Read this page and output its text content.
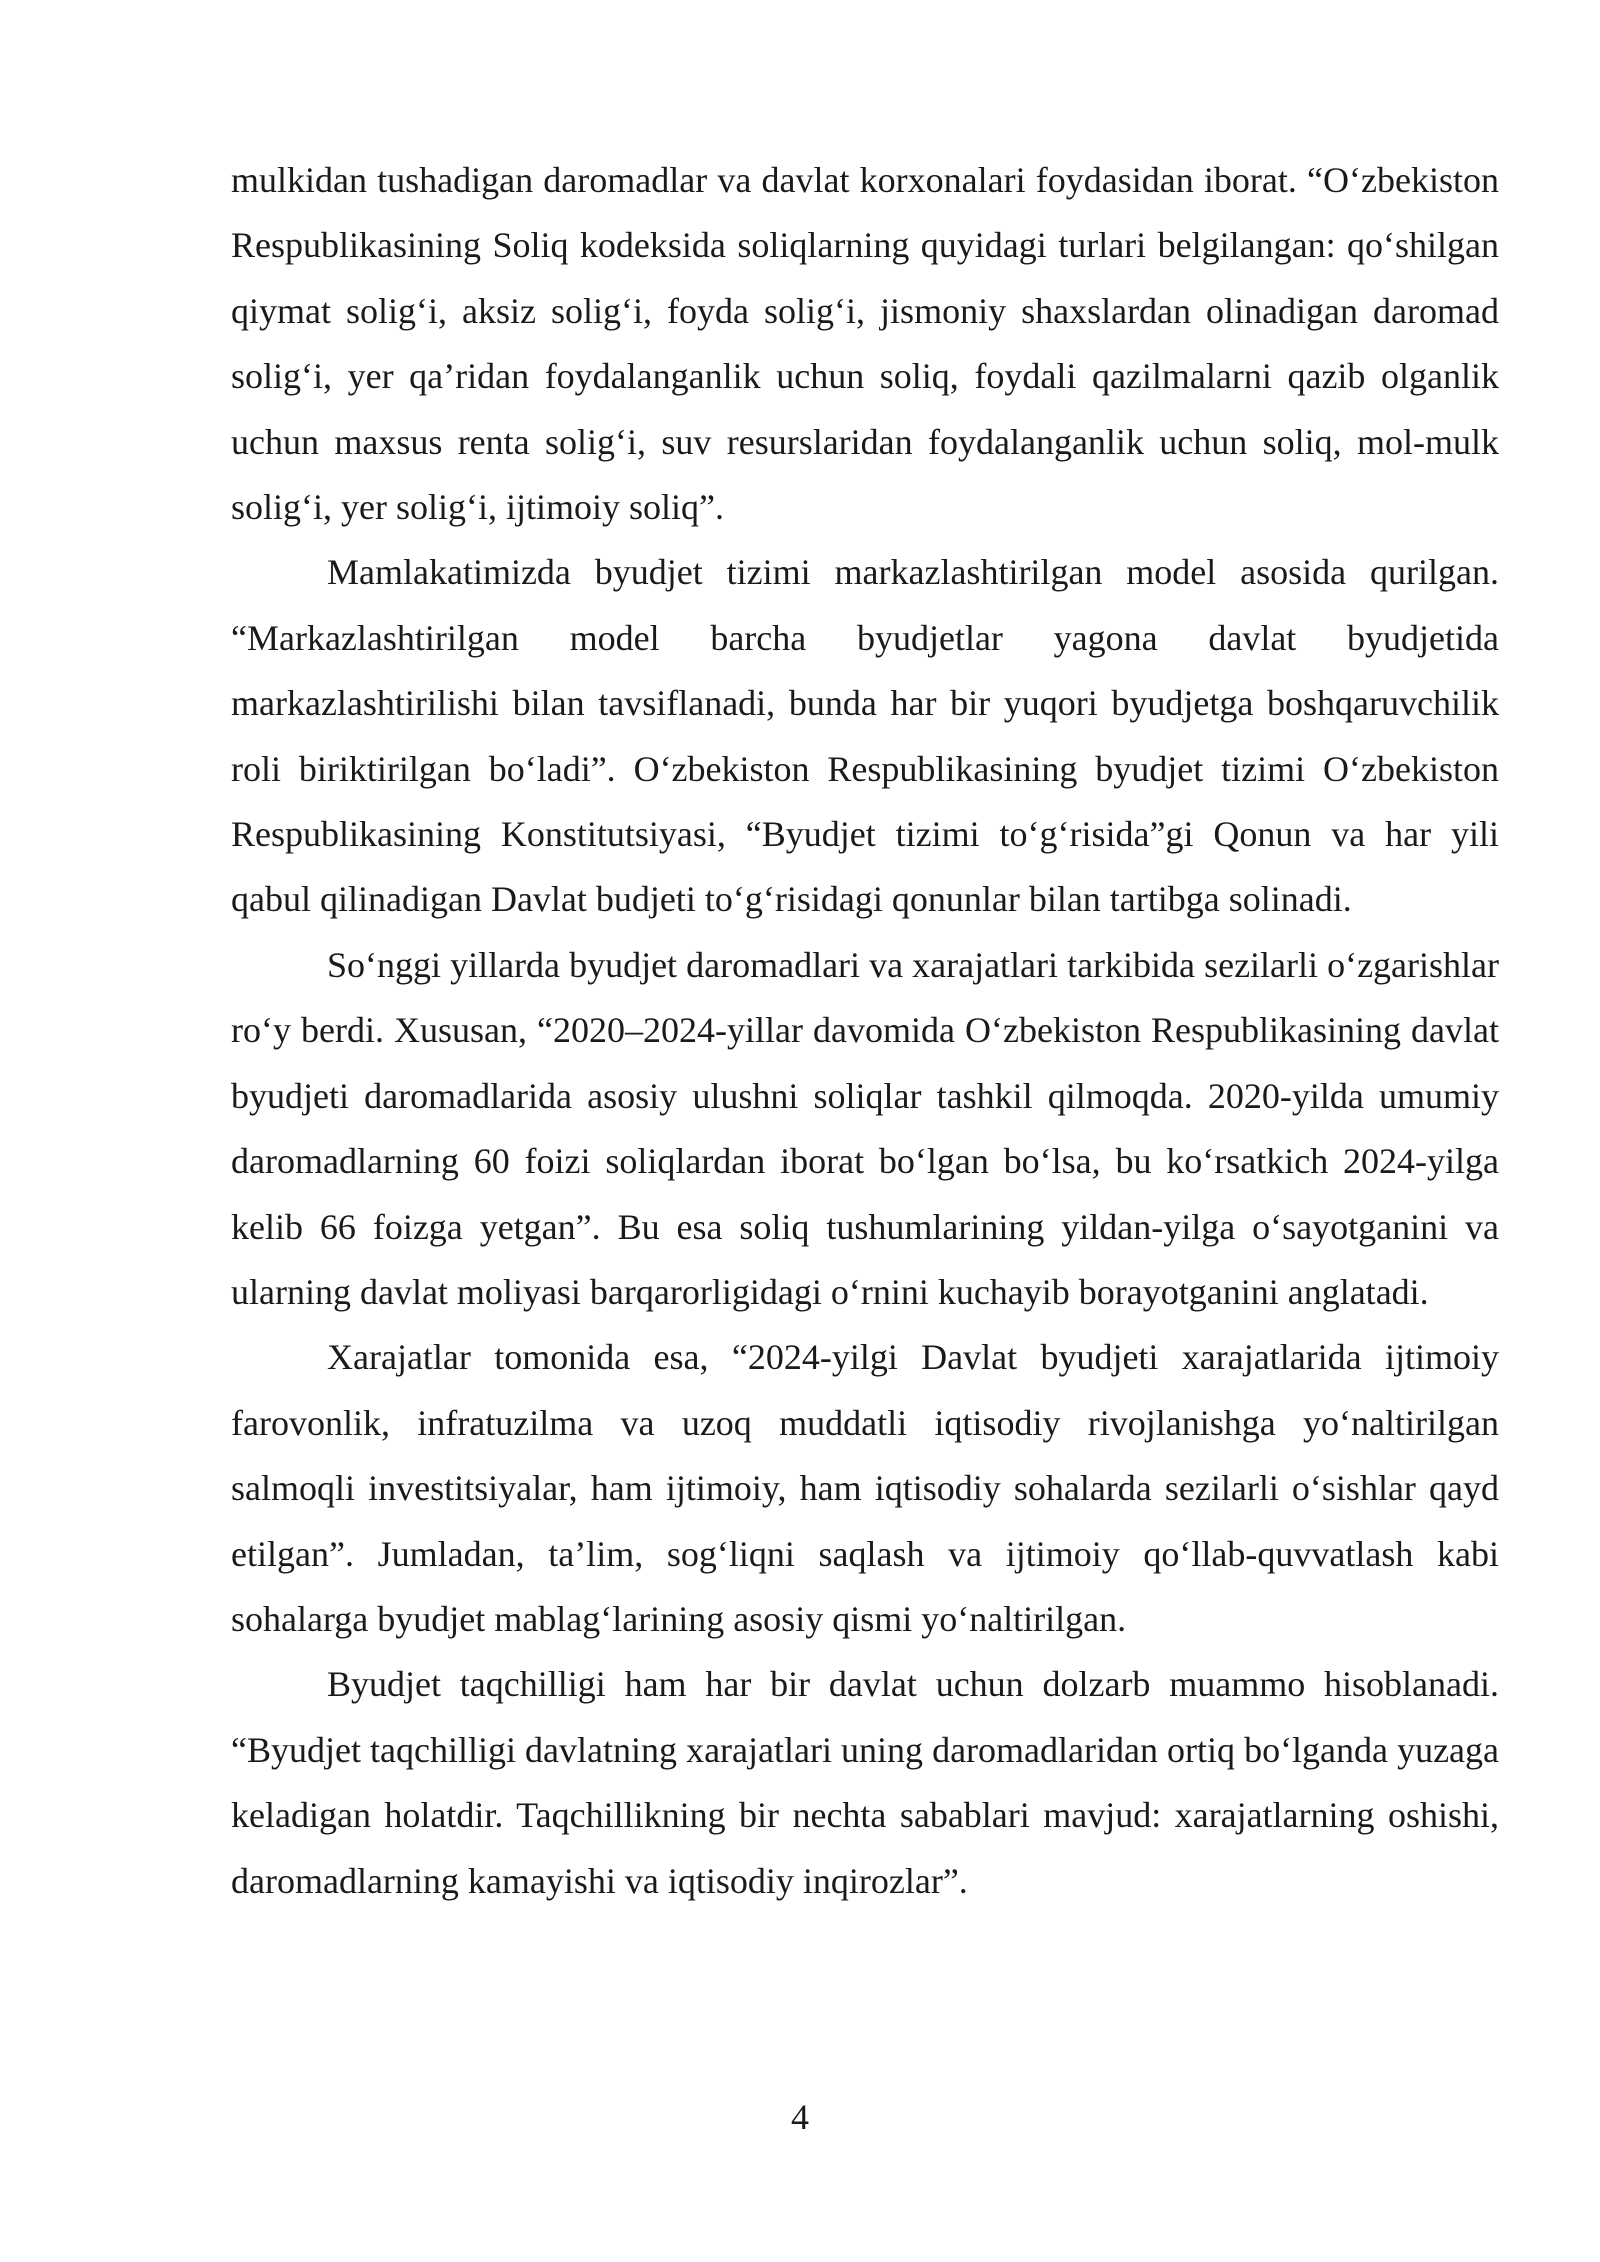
mulkidan tushadigan daromadlar va davlat korxonalari foydasidan iborat. “O‘zbekiston Respublikasining Soliq kodeksida soliqlarning quyidagi turlari belgilangan: qo‘shilgan qiymat solig‘i, aksiz solig‘i, foyda solig‘i, jismoniy shaxslardan olinadigan daromad solig‘i, yer qa’ridan foydalanganlik uchun soliq, foydali qazilmalarni qazib olganlik uchun maxsus renta solig‘i, suv resurslaridan foydalanganlik uchun soliq, mol-mulk solig‘i, yer solig‘i, ijtimoiy soliq”.

Mamlakatimizda byudjet tizimi markazlashtirilgan model asosida qurilgan. “Markazlashtirilgan model barcha byudjetlar yagona davlat byudjetida markazlashtirilishi bilan tavsiflanadi, bunda har bir yuqori byudjetga boshqaruvchilik roli biriktirilgan bo‘ladi”. O‘zbekiston Respublikasining byudjet tizimi O‘zbekiston Respublikasining Konstitutsiyasi, “Byudjet tizimi to‘g‘risida”gi Qonun va har yili qabul qilinadigan Davlat budjeti to‘g‘risidagi qonunlar bilan tartibga solinadi.

So‘nggi yillarda byudjet daromadlari va xarajatlari tarkibida sezilarli o‘zgarishlar ro‘y berdi. Xususan, “2020–2024-yillar davomida O‘zbekiston Respublikasining davlat byudjeti daromadlarida asosiy ulushni soliqlar tashkil qilmoqda. 2020-yilda umumiy daromadlarning 60 foizi soliqlardan iborat bo‘lgan bo‘lsa, bu ko‘rsatkich 2024-yilga kelib 66 foizga yetgan”. Bu esa soliq tushumlarining yildan-yilga o‘sayotganini va ularning davlat moliyasi barqarorligidagi o‘rnini kuchayib borayotganini anglatadi.

Xarajatlar tomonida esa, “2024-yilgi Davlat byudjeti xarajatlarida ijtimoiy farovonlik, infratuzilma va uzoq muddatli iqtisodiy rivojlanishga yo‘naltirilgan salmoqli investitsiyalar, ham ijtimoiy, ham iqtisodiy sohalarda sezilarli o‘sishlar qayd etilgan”. Jumladan, ta’lim, sog‘liqni saqlash va ijtimoiy qo‘llab-quvvatlash kabi sohalarga byudjet mablag‘larining asosiy qismi yo‘naltirilgan.

Byudjet taqchilligi ham har bir davlat uchun dolzarb muammo hisoblanadi. “Byudjet taqchilligi davlatning xarajatlari uning daromadlaridan ortiq bo‘lganda yuzaga keladigan holatdir. Taqchillikning bir nechta sabablari mavjud: xarajatlarning oshishi, daromadlarning kamayishi va iqtisodiy inqirozlar”.

4
